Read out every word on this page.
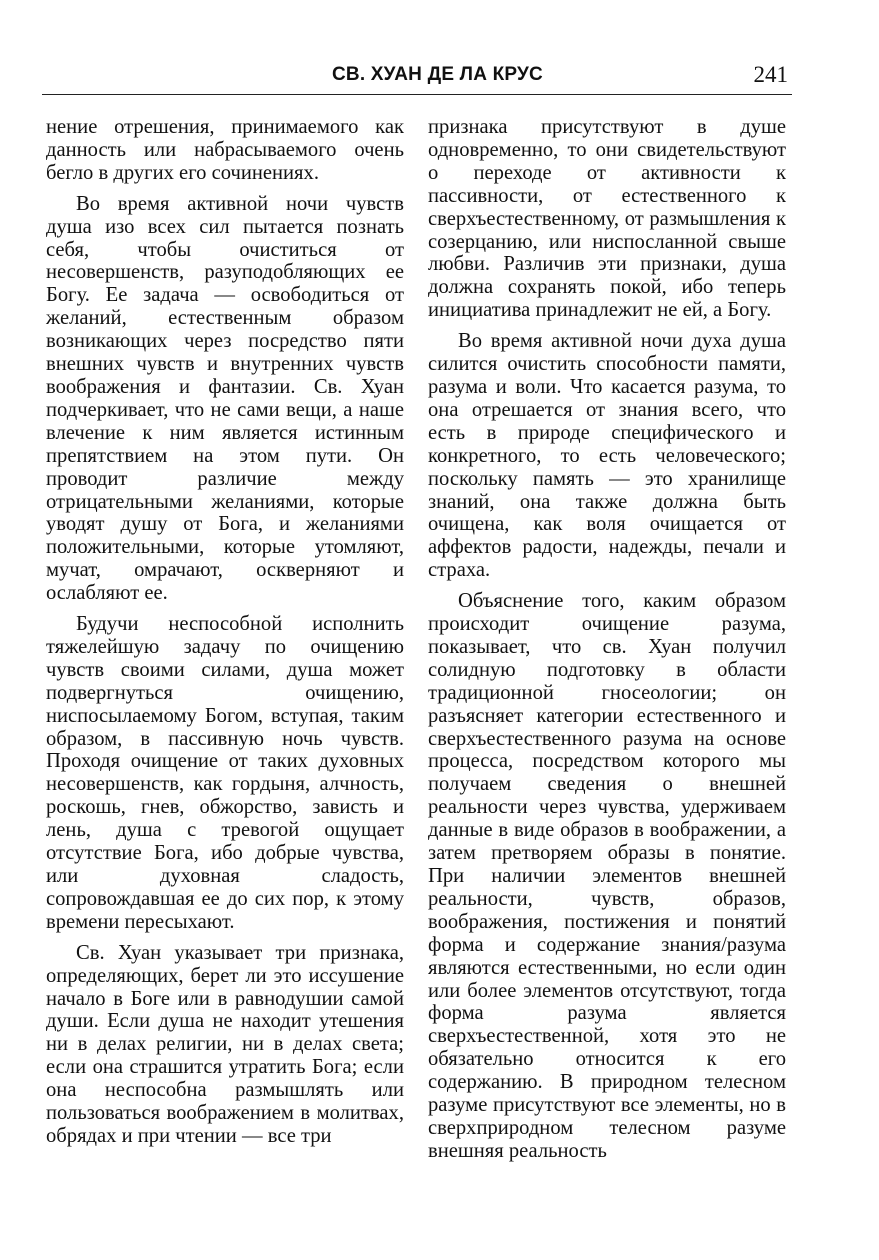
СВ. ХУАН ДЕ ЛА КРУС	241

нение отрешения, принимаемого как данность или набрасываемого очень бегло в других его сочинениях.

Во время активной ночи чувств душа изо всех сил пытается познать себя, чтобы очиститься от несовершенств, разуподобляющих ее Богу. Ее задача — освободиться от желаний, естественным образом возникающих через посредство пяти внешних чувств и внутренних чувств воображения и фантазии. Св. Хуан подчеркивает, что не сами вещи, а наше влечение к ним является истинным препятствием на этом пути. Он проводит различие между отрицательными желаниями, которые уводят душу от Бога, и желаниями положительными, которые утомляют, мучат, омрачают, оскверняют и ослабляют ее.

Будучи неспособной исполнить тяжелейшую задачу по очищению чувств своими силами, душа может подвергнуться очищению, ниспосылаемому Богом, вступая, таким образом, в пассивную ночь чувств. Проходя очищение от таких духовных несовершенств, как гордыня, алчность, роскошь, гнев, обжорство, зависть и лень, душа с тревогой ощущает отсутствие Бога, ибо добрые чувства, или духовная сладость, сопровождавшая ее до сих пор, к этому времени пересыхают.

Св. Хуан указывает три признака, определяющих, берет ли это иссушение начало в Боге или в равнодушии самой души. Если душа не находит утешения ни в делах религии, ни в делах света; если она страшится утратить Бога; если она неспособна размышлять или пользоваться воображением в молитвах, обрядах и при чтении — все три

признака присутствуют в душе одновременно, то они свидетельствуют о переходе от активности к пассивности, от естественного к сверхъестественному, от размышления к созерцанию, или ниспосланной свыше любви. Различив эти признаки, душа должна сохранять покой, ибо теперь инициатива принадлежит не ей, а Богу.

Во время активной ночи духа душа силится очистить способности памяти, разума и воли. Что касается разума, то она отрешается от знания всего, что есть в природе специфического и конкретного, то есть человеческого; поскольку память — это хранилище знаний, она также должна быть очищена, как воля очищается от аффектов радости, надежды, печали и страха.

Объяснение того, каким образом происходит очищение разума, показывает, что св. Хуан получил солидную подготовку в области традиционной гносеологии; он разъясняет категории естественного и сверхъестественного разума на основе процесса, посредством которого мы получаем сведения о внешней реальности через чувства, удерживаем данные в виде образов в воображении, а затем претворяем образы в понятие. При наличии элементов внешней реальности, чувств, образов, воображения, постижения и понятий форма и содержание знания/разума являются естественными, но если один или более элементов отсутствуют, тогда форма разума является сверхъестественной, хотя это не обязательно относится к его содержанию. В природном телесном разуме присутствуют все элементы, но в сверхприродном телесном разуме внешняя реальность
